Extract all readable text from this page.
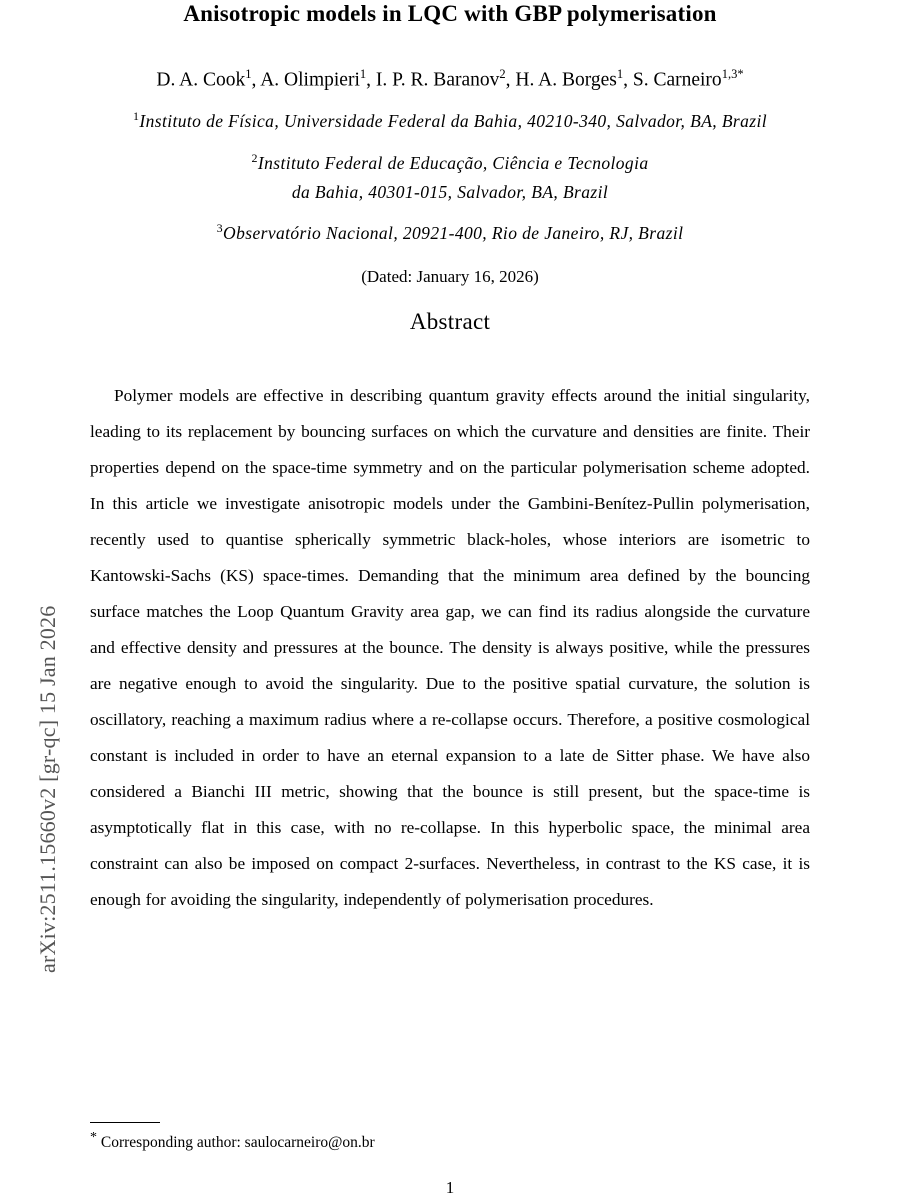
arXiv:2511.15660v2 [gr-qc] 15 Jan 2026
Anisotropic models in LQC with GBP polymerisation
D. A. Cook$^1$, A. Olimpieri$^1$, I. P. R. Baranov$^2$, H. A. Borges$^1$, S. Carneiro$^{1,3*}$
$^1$Instituto de Física, Universidade Federal da Bahia, 40210-340, Salvador, BA, Brazil
$^2$Instituto Federal de Educação, Ciência e Tecnologia
da Bahia, 40301-015, Salvador, BA, Brazil
$^3$Observatório Nacional, 20921-400, Rio de Janeiro, RJ, Brazil
(Dated: January 16, 2026)
Abstract
Polymer models are effective in describing quantum gravity effects around the initial singularity, leading to its replacement by bouncing surfaces on which the curvature and densities are finite. Their properties depend on the space-time symmetry and on the particular polymerisation scheme adopted. In this article we investigate anisotropic models under the Gambini-Benítez-Pullin polymerisation, recently used to quantise spherically symmetric black-holes, whose interiors are isometric to Kantowski-Sachs (KS) space-times. Demanding that the minimum area defined by the bouncing surface matches the Loop Quantum Gravity area gap, we can find its radius alongside the curvature and effective density and pressures at the bounce. The density is always positive, while the pressures are negative enough to avoid the singularity. Due to the positive spatial curvature, the solution is oscillatory, reaching a maximum radius where a re-collapse occurs. Therefore, a positive cosmological constant is included in order to have an eternal expansion to a late de Sitter phase. We have also considered a Bianchi III metric, showing that the bounce is still present, but the space-time is asymptotically flat in this case, with no re-collapse. In this hyperbolic space, the minimal area constraint can also be imposed on compact 2-surfaces. Nevertheless, in contrast to the KS case, it is enough for avoiding the singularity, independently of polymerisation procedures.
* Corresponding author: saulocarneiro@on.br
1
